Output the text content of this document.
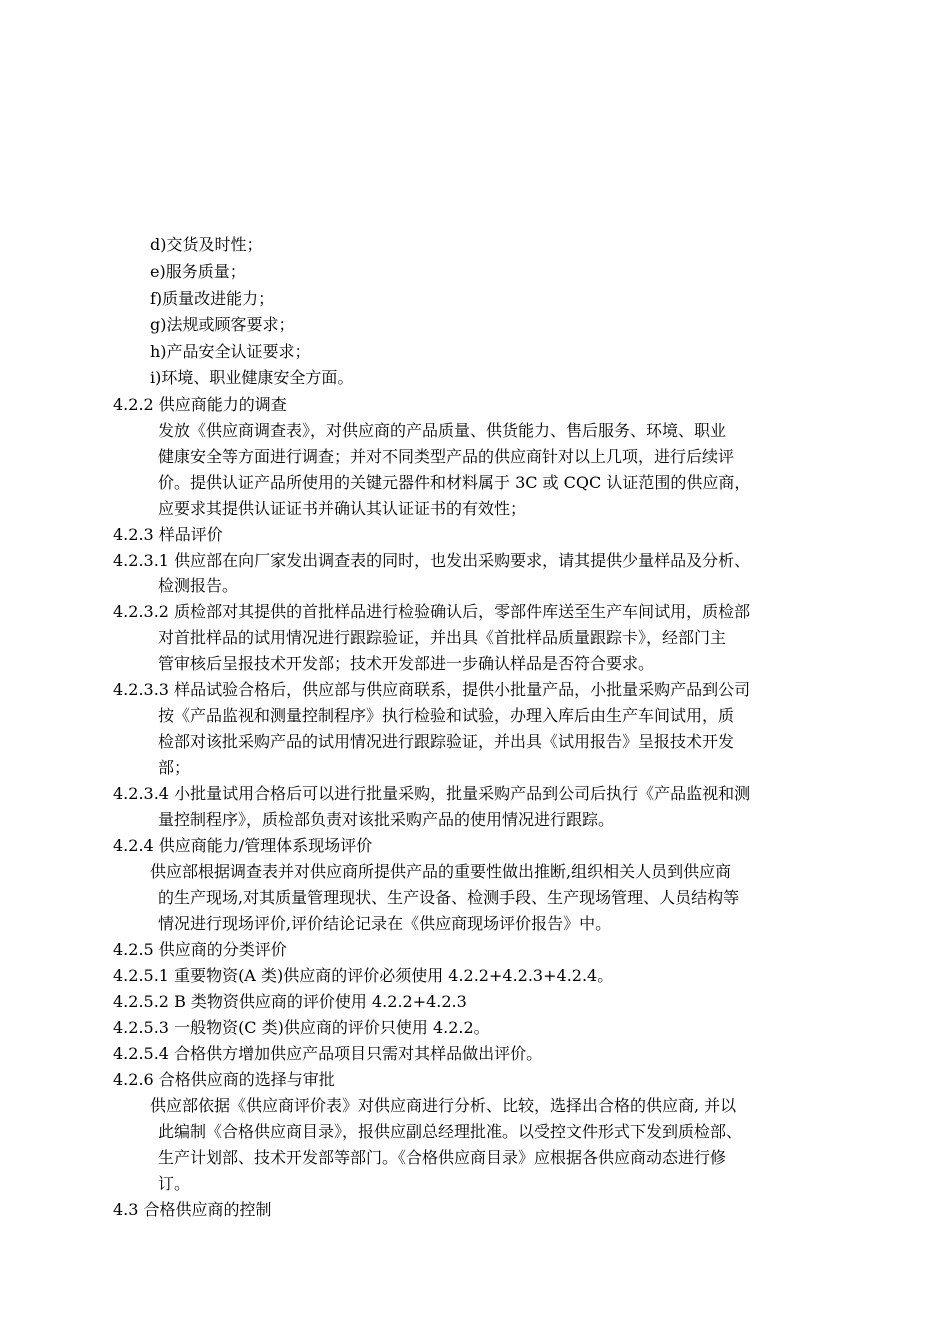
d)交货及时性；
e)服务质量；
f)质量改进能力；
g)法规或顾客要求；
h)产品安全认证要求；
i)环境、职业健康安全方面。
4.2.2 供应商能力的调查
发放《供应商调查表》，对供应商的产品质量、供货能力、售后服务、环境、职业
健康安全等方面进行调查；并对不同类型产品的供应商针对以上几项，进行后续评
价。提供认证产品所使用的关键元器件和材料属于 3C 或 CQC 认证范围的供应商，
应要求其提供认证证书并确认其认证证书的有效性；
4.2.3 样品评价
4.2.3.1 供应部在向厂家发出调查表的同时，也发出采购要求，请其提供少量样品及分析、
检测报告。
4.2.3.2 质检部对其提供的首批样品进行检验确认后，零部件库送至生产车间试用，质检部
对首批样品的试用情况进行跟踪验证，并出具《首批样品质量跟踪卡》，经部门主
管审核后呈报技术开发部；技术开发部进一步确认样品是否符合要求。
4.2.3.3 样品试验合格后，供应部与供应商联系，提供小批量产品，小批量采购产品到公司
按《产品监视和测量控制程序》执行检验和试验，办理入库后由生产车间试用，质
检部对该批采购产品的试用情况进行跟踪验证，并出具《试用报告》呈报技术开发
部；
4.2.3.4 小批量试用合格后可以进行批量采购，批量采购产品到公司后执行《产品监视和测
量控制程序》，质检部负责对该批采购产品的使用情况进行跟踪。
4.2.4 供应商能力/管理体系现场评价
供应部根据调查表并对供应商所提供产品的重要性做出推断,组织相关人员到供应商
的生产现场,对其质量管理现状、生产设备、检测手段、生产现场管理、人员结构等
情况进行现场评价,评价结论记录在《供应商现场评价报告》中。
4.2.5 供应商的分类评价
4.2.5.1 重要物资(A 类)供应商的评价必须使用 4.2.2+4.2.3+4.2.4。
4.2.5.2 B 类物资供应商的评价使用 4.2.2+4.2.3
4.2.5.3 一般物资(C 类)供应商的评价只使用 4.2.2。
4.2.5.4 合格供方增加供应产品项目只需对其样品做出评价。
4.2.6 合格供应商的选择与审批
供应部依据《供应商评价表》对供应商进行分析、比较，选择出合格的供应商, 并以
此编制《合格供应商目录》，报供应副总经理批准。以受控文件形式下发到质检部、
生产计划部、技术开发部等部门。《合格供应商目录》应根据各供应商动态进行修
订。
4.3 合格供应商的控制
